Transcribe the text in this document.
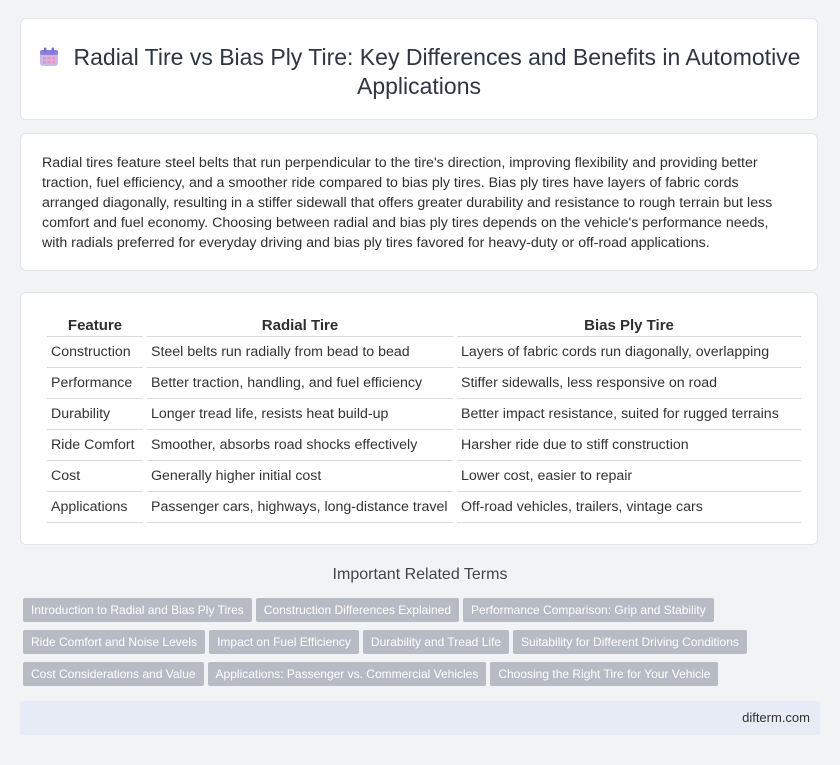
Radial Tire vs Bias Ply Tire: Key Differences and Benefits in Automotive Applications

Radial tires feature steel belts that run perpendicular to the tire's direction, improving flexibility and providing better traction, fuel efficiency, and a smoother ride compared to bias ply tires. Bias ply tires have layers of fabric cords arranged diagonally, resulting in a stiffer sidewall that offers greater durability and resistance to rough terrain but less comfort and fuel economy. Choosing between radial and bias ply tires depends on the vehicle's performance needs, with radials preferred for everyday driving and bias ply tires favored for heavy-duty or off-road applications.

Feature	Radial Tire	Bias Ply Tire
Construction	Steel belts run radially from bead to bead	Layers of fabric cords run diagonally, overlapping
Performance	Better traction, handling, and fuel efficiency	Stiffer sidewalls, less responsive on road
Durability	Longer tread life, resists heat build-up	Better impact resistance, suited for rugged terrains
Ride Comfort	Smoother, absorbs road shocks effectively	Harsher ride due to stiff construction
Cost	Generally higher initial cost	Lower cost, easier to repair
Applications	Passenger cars, highways, long-distance travel	Off-road vehicles, trailers, vintage cars
Important Related Terms
Introduction to Radial and Bias Ply Tires Construction Differences Explained Performance Comparison: Grip and Stability
Ride Comfort and Noise Levels Impact on Fuel Efficiency Durability and Tread Life Suitability for Different Driving Conditions
Cost Considerations and Value Applications: Passenger vs. Commercial Vehicles Choosing the Right Tire for Your Vehicle
difterm.com
